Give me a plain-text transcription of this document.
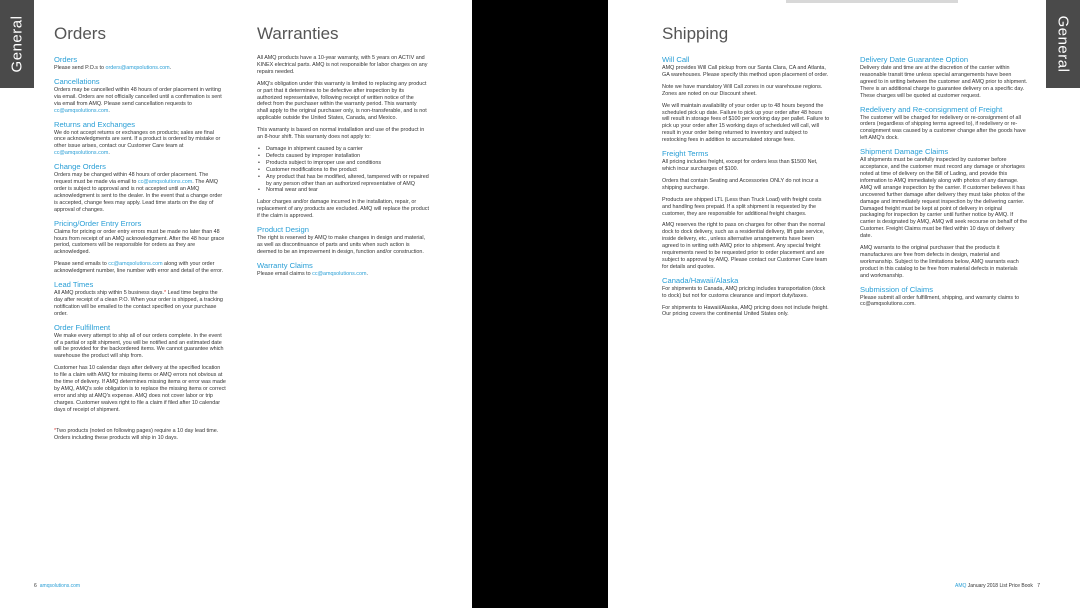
General Orders	Warranties
Orders

Please send P.O.s to orders@amqsolutions.com.

Cancellations

Orders may be cancelled within 48 hours of order placement in writing via email. Orders are not officially cancelled until a confirmation is sent via email from AMQ. Please send cancellation requests to cc@amqsolutions.com.

Returns and Exchanges

We do not accept returns or exchanges on products; sales are final once acknowledgments are sent. If a product is ordered by mistake or other issue arises, contact our Customer Care team at cc@amqsolutions.com.

Change Orders

Orders may be changed within 48 hours of order placement. The request must be made via email to cc@amqsolutions.com. The AMQ order is subject to approval and is not accepted until an AMQ acknowledgment is sent to the dealer. In the event that a change order is accepted, change fees may apply. Lead time starts on the day of approval of changes.

Pricing/Order Entry Errors

Claims for pricing or order entry errors must be made no later than 48 hours from receipt of an AMQ acknowledgment. After the 48 hour grace period, customers will be responsible for orders as they are acknowledged.

Please send emails to cc@amqsolutions.com along with your order acknowledgment number, line number with error and detail of the error.

Lead Times

All AMQ products ship within 5 business days.* Lead time begins the day after receipt of a clean P.O. When your order is shipped, a tracking notification will be emailed to the contact specified on your purchase order.

Order Fulfillment

We make every attempt to ship all of our orders complete. In the event of a partial or split shipment, you will be notified and an estimated date will be provided for the backordered items. We cannot guarantee which warehouse the product will ship from.

Customer has 10 calendar days after delivery at the specified location to file a claim with AMQ for missing items or AMQ errors not obvious at the time of delivery. If AMQ determines missing items or error was made by AMQ, AMQ's sole obligation is to replace the missing items or correct error and ship at AMQ's expense. AMQ does not cover labor or trip charges. Customer waives right to file a claim if filed after 10 calendar days of receipt of shipment.

*Two products (noted on following pages) require a 10 day lead time. Orders including these products will ship in 10 days.

All AMQ products have a 10-year warranty, with 5 years on ACTIV and KINEX electrical parts. AMQ is not responsible for labor charges on any repairs needed.

AMQ's obligation under this warranty is limited to replacing any product or part that it determines to be defective after inspection by its authorized representative, following receipt of written notice of the defect from the purchaser within the warranty period. This warranty shall apply to the original purchaser only, is non-transferable, and is not applicable outside the United States, Canada, and Mexico.

This warranty is based on normal installation and use of the product in an 8-hour shift. This warranty does not apply to:

• Damage in shipment caused by a carrier
• Defects caused by improper installation
• Products subject to improper use and conditions
• Customer modifications to the product
• Any product that has be modified, altered, tampered with or repaired by any person other than an authorized representative of AMQ
• Normal wear and tear

Labor charges and/or damage incurred in the installation, repair, or replacement of any products are excluded. AMQ will replace the product if the claim is approved.

Product Design

The right is reserved by AMQ to make changes in design and material, as well as discontinuance of parts and units when such action is deemed to be an improvement in design, function and/or construction.

Warranty Claims

Please email claims to cc@amqsolutions.com.

6 amqsolutions.com
General
Shipping
Will Call

AMQ provides Will Call pickup from our Santa Clara, CA and Atlanta, GA warehouses. Please specify this method upon placement of order.

Note we have mandatory Will Call zones in our warehouse regions. Zones are noted on our Discount sheet.

We will maintain availability of your order up to 48 hours beyond the scheduled pick up date. Failure to pick up your order after 48 hours will result in storage fees of $100 per working day per pallet. Failure to pick up your order after 15 working days of scheduled will call, will result in your order being returned to inventory and subject to restocking fees in addition to accumulated storage fees.

Freight Terms

All pricing includes freight, except for orders less than $1500 Net, which incur surcharges of $100.

Orders that contain Seating and Accessories ONLY do not incur a shipping surcharge.

Products are shipped LTL (Less than Truck Load) with freight costs and handling fees prepaid. If a split shipment is requested by the customer, they are responsible for additional freight charges.

AMQ reserves the right to pass on charges for other than the normal dock to dock delivery, such as a residential delivery, lift gate service, inside delivery, etc., unless alternative arrangements have been agreed to in writing with AMQ prior to shipment. Any special freight requirements need to be requested prior to order placement and are subject to approval by AMQ. Please contact our Customer Care team for details and quotes.

Canada/Hawaii/Alaska

For shipments to Canada, AMQ pricing includes transportation (dock to dock) but not for customs clearance and import duty/taxes.

For shipments to Hawaii/Alaska, AMQ pricing does not include freight. Our pricing covers the continental United States only.

Delivery Date Guarantee Option

Delivery date and time are at the discretion of the carrier within reasonable transit time unless special arrangements have been agreed to in writing between the customer and AMQ prior to shipment. There is an additional charge to guarantee delivery on a specific day. These charges will be quoted at customer request.

Redelivery and Re-consignment of Freight

The customer will be charged for redelivery or re-consignment of all orders (regardless of shipping terms agreed to), if redelivery or re-consignment was caused by a customer change after the goods have left AMQ's dock.

Shipment Damage Claims

All shipments must be carefully inspected by customer before acceptance, and the customer must record any damage or shortages noted at time of delivery on the Bill of Lading, and provide this information to AMQ immediately along with photos of any damage. AMQ will arrange inspection by the carrier. If customer believes it has uncovered further damage after delivery they must take photos of the damage and immediately request inspection by the delivering carrier. Damaged freight must be kept at point of delivery in original packaging for inspection by carrier until further notice by AMQ. If carrier is designated by AMQ, AMQ will seek recourse on behalf of the Customer. Freight Claims must be filed within 10 days of delivery date.

AMQ warrants to the original purchaser that the products it manufactures are free from defects in design, material and workmanship. Subject to the limitations below, AMQ warrants each product in this catalog to be free from material defects in materials and workmanship.

Submission of Claims

Please submit all order fulfillment, shipping, and warranty claims to cc@amqsolutions.com.

AMQ January 2018 List Price Book 7
